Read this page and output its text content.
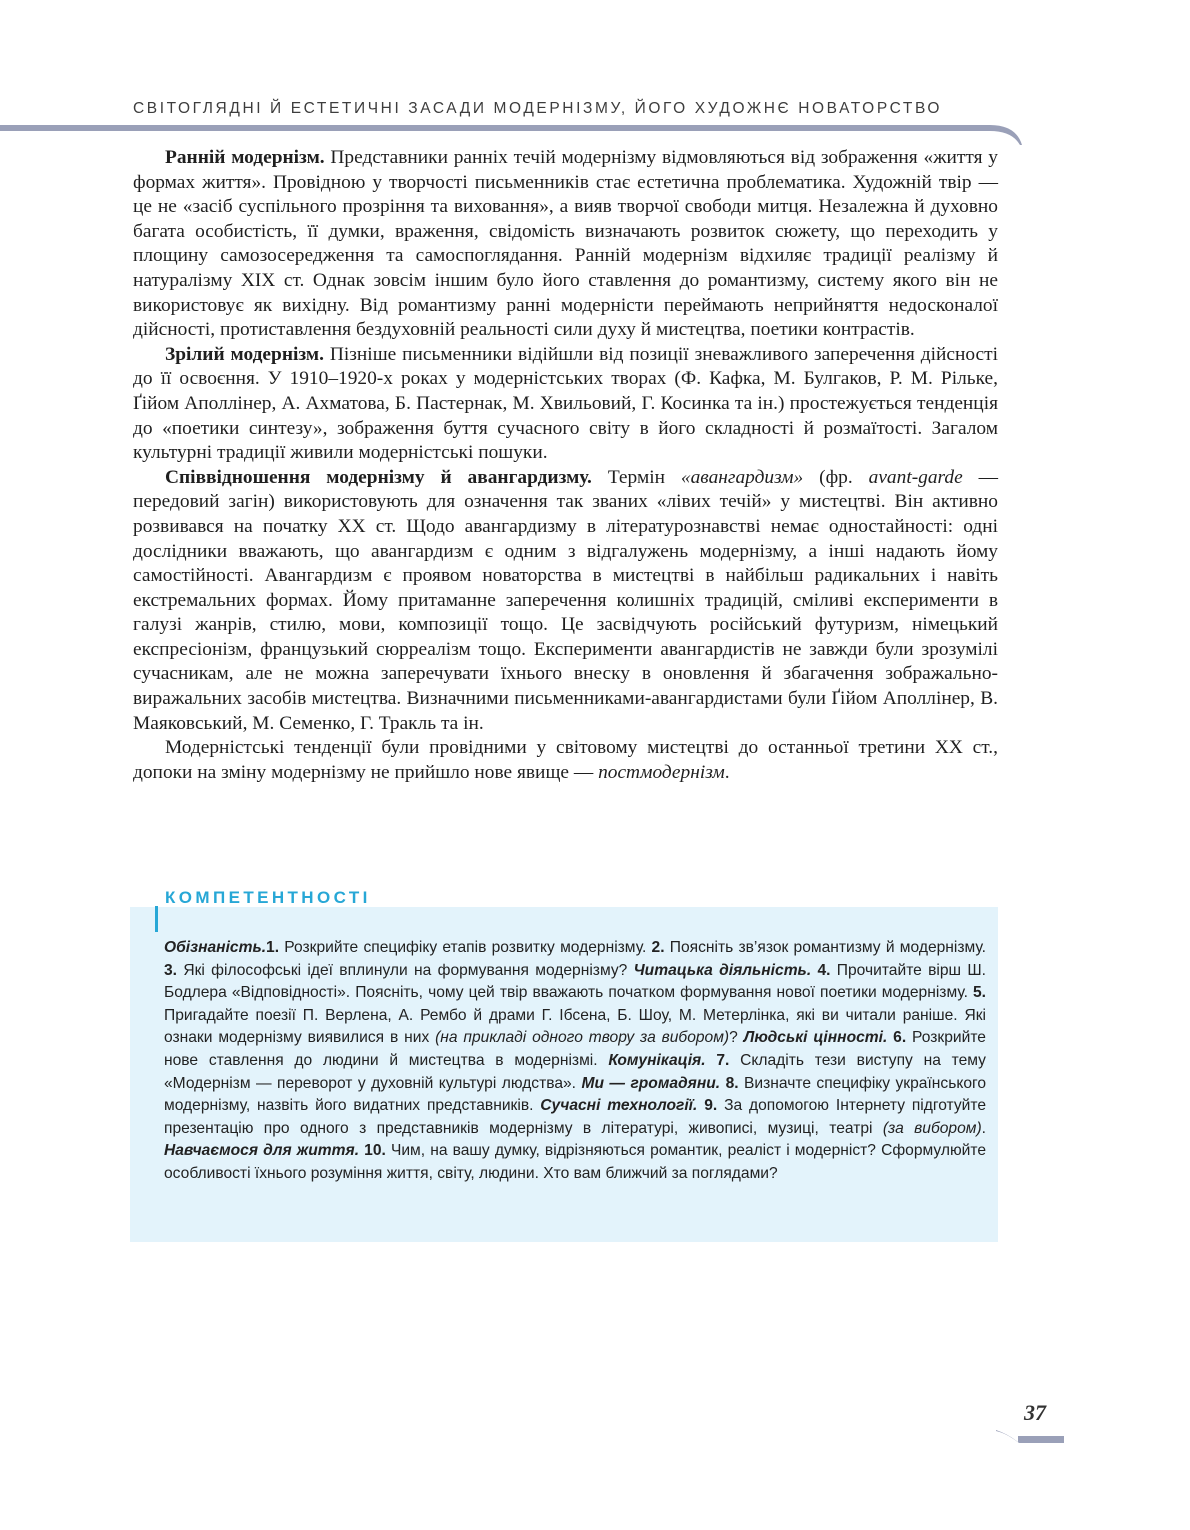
СВІТОГЛЯДНІ Й ЕСТЕТИЧНІ ЗАСАДИ МОДЕРНІЗМУ, ЙОГО ХУДОЖНЄ НОВАТОРСТВО

Ранній модернізм. Представники ранніх течій модернізму відмовляються від зображення «життя у формах життя». Провідною у творчості письменників стає естетична проблематика. Художній твір — це не «засіб суспільного прозріння та виховання», а вияв творчої свободи митця. Незалежна й духовно багата особистість, її думки, враження, свідомість визначають розвиток сюжету, що переходить у площину самозосередження та самоспоглядання. Ранній модернізм відхиляє традиції реалізму й натуралізму XIX ст. Однак зовсім іншим було його ставлення до романтизму, систему якого він не використовує як вихідну. Від романтизму ранні модерністи переймають неприйняття недосконалої дійсності, протиставлення бездуховній реальності сили духу й мистецтва, поетики контрастів.

Зрілий модернізм. Пізніше письменники відійшли від позиції зневажливого заперечення дійсності до її освоєння. У 1910–1920-х роках у модерністських творах (Ф. Кафка, М. Булгаков, Р. М. Рільке, Ґійом Аполлінер, А. Ахматова, Б. Пастернак, М. Хвильовий, Г. Косинка та ін.) простежується тенденція до «поетики синтезу», зображення буття сучасного світу в його складності й розмаїтості. Загалом культурні традиції живили модерністські пошуки.

Співвідношення модернізму й авангардизму. Термін «авангардизм» (фр. avant-garde — передовий загін) використовують для означення так званих «лівих течій» у мистецтві. Він активно розвивався на початку XX ст. Щодо авангардизму в літературознавстві немає одностайності: одні дослідники вважають, що авангардизм є одним з відгалужень модернізму, а інші надають йому самостійності. Авангардизм є проявом новаторства в мистецтві в найбільш радикальних і навіть екстремальних формах. Йому притаманне заперечення колишніх традицій, сміливі експерименти в галузі жанрів, стилю, мови, композиції тощо. Це засвідчують російський футуризм, німецький експресіонізм, французький сюрреалізм тощо. Експерименти авангардистів не завжди були зрозумілі сучасникам, але не можна заперечувати їхнього внеску в оновлення й збагачення зображально-виражальних засобів мистецтва. Визначними письменниками-авангардистами були Ґійом Аполлінер, В. Маяковський, М. Семенко, Г. Тракль та ін.

Модерністські тенденції були провідними у світовому мистецтві до останньої третини XX ст., допоки на зміну модернізму не прийшло нове явище — постмодернізм.

Обізнаність.1. Розкрийте специфіку етапів розвитку модернізму. 2. Поясніть зв’язок романтизму й модернізму. 3. Які філософські ідеї вплинули на формування модернізму? Читацька діяльність. 4. Прочитайте вірш Ш. Бодлера «Відповідності». Поясніть, чому цей твір вважають початком формування нової поетики модернізму. 5. Пригадайте поезії П. Верлена, А. Рембо й драми Г. Ібсена, Б. Шоу, М. Метерлінка, які ви читали раніше. Які ознаки модернізму виявилися в них (на прикладі одного твору за вибором)? Людські цінності. 6. Розкрийте нове ставлення до людини й мистецтва в модернізмі. Комунікація. 7. Складіть тези виступу на тему «Модернізм — переворот у духовній культурі людства». Ми — громадяни. 8. Визначте специфіку українського модернізму, назвіть його видатних представників. Сучасні технології. 9. За допомогою Інтернету підготуйте презентацію про одного з представників модернізму в літературі, живописі, музиці, театрі (за вибором). Навчаємося для життя. 10. Чим, на вашу думку, відрізняються романтик, реаліст і модерніст? Сформулюйте особливості їхнього розуміння життя, світу, людини. Хто вам ближчий за поглядами?
КОМПЕТЕНТНОСТІ
37
